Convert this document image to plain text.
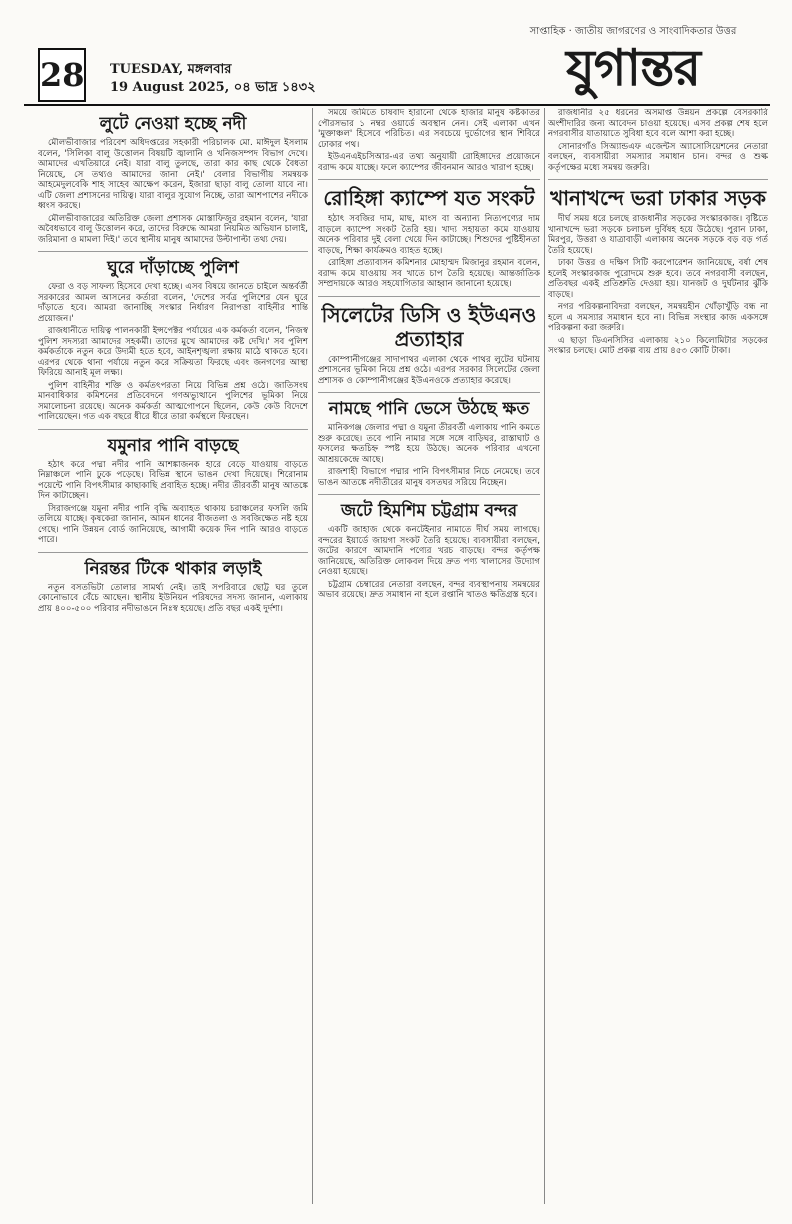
28 TUESDAY, মঙ্গলবার
19 August 2025, ০৪ ভাদ্র ১৪৩২
সাপ্তাহিক · জাতীয় জাগরণের ও সাংবাদিকতার উত্তর
যুগান্তর
লুটে নেওয়া হচ্ছে নদী

মৌলভীবাজার পরিবেশ অধিদপ্তরের সহকারী পরিচালক মো. মাঈদুল ইসলাম বলেন, 'সিলিকা বালু উত্তোলন বিষয়টি জ্বালানি ও খনিজসম্পদ বিভাগ দেখে। আমাদের এখতিয়ারে নেই। যারা বালু তুলছে, তারা কার কাছ থেকে বৈধতা নিয়েছে, সে তথ্যও আমাদের জানা নেই।' বেলার বিভাগীয় সমন্বয়ক আহমেদুলবেকি শাহ সাহেব আক্ষেপ করেন, ইজারা ছাড়া বালু তোলা যাবে না। এটি জেলা প্রশাসনের দায়িত্ব। যারা বালুর সুযোগ নিচ্ছে, তারা আশপাশের নদীকে ধ্বংস করছে।

মৌলভীবাজারের অতিরিক্ত জেলা প্রশাসক মোস্তাফিজুর রহমান বলেন, 'যারা অবৈধভাবে বালু উত্তোলন করে, তাদের বিরুদ্ধে আমরা নিয়মিত অভিযান চালাই, জরিমানা ও মামলা দিই।' তবে স্থানীয় মানুষ আমাদের উল্টাপাল্টা তথ্য দেয়।

ঘুরে দাঁড়াচ্ছে পুলিশ

ফেরা ও বড় সাফল্য হিসেবে দেখা হচ্ছে। এসব বিষয়ে জানতে চাইলে অন্তর্বর্তী সরকারের আমল আসনের কর্তারা বলেন, 'দেশের সর্বত্র পুলিশের যেন ঘুরে দাঁড়াতে হবে। আমরা জানাচ্ছি সংস্কার নির্ধারণ নিরাপত্তা বাহিনীর শান্তি প্রয়োজন।'

রাজধানীতে দায়িত্ব পালনকারী ইন্সপেক্টর পর্যায়ের এক কর্মকর্তা বলেন, 'নিজস্ব পুলিশ সদস্যরা আমাদের সহকর্মী। তাদের মুখে আমাদের কষ্ট দেখি।' সব পুলিশ কর্মকর্তাকে নতুন করে উদ্যমী হতে হবে, আইনশৃঙ্খলা রক্ষায় মাঠে থাকতে হবে। এরপর থেকে থানা পর্যায়ে নতুন করে সক্রিয়তা ফিরছে এবং জনগণের আস্থা ফিরিয়ে আনাই মূল লক্ষ্য।

পুলিশ বাহিনীর শক্তি ও কর্মতৎপরতা নিয়ে বিভিন্ন প্রশ্ন ওঠে। জাতিসংঘ মানবাধিকার কমিশনের প্রতিবেদনে গণঅভ্যুত্থানে পুলিশের ভূমিকা নিয়ে সমালোচনা রয়েছে। অনেক কর্মকর্তা আত্মগোপনে ছিলেন, কেউ কেউ বিদেশে পালিয়েছেন। গত এক বছরে ধীরে ধীরে তারা কর্মস্থলে ফিরছেন।

যমুনার পানি বাড়ছে

হঠাৎ করে পদ্মা নদীর পানি আশঙ্কাজনক হারে বেড়ে যাওয়ায় বাড়তে নিম্নাঞ্চলে পানি ঢুকে পড়েছে। বিভিন্ন স্থানে ভাঙন দেখা দিয়েছে। শিরোনাম পয়েন্টে পানি বিপৎসীমার কাছাকাছি প্রবাহিত হচ্ছে। নদীর তীরবর্তী মানুষ আতঙ্কে দিন কাটাচ্ছেন।

সিরাজগঞ্জে যমুনা নদীর পানি বৃদ্ধি অব্যাহত থাকায় চরাঞ্চলের ফসলি জমি তলিয়ে যাচ্ছে। কৃষকেরা জানান, আমন ধানের বীজতলা ও সবজিক্ষেত নষ্ট হয়ে গেছে। পানি উন্নয়ন বোর্ড জানিয়েছে, আগামী কয়েক দিন পানি আরও বাড়তে পারে।

নিরন্তর টিকে থাকার লড়াই

নতুন বসতভিটা তোলার সামর্থ্য নেই। তাই সপরিবারে ছোট্ট ঘর তুলে কোনোভাবে বেঁচে আছেন। স্থানীয় ইউনিয়ন পরিষদের সদস্য জানান, এলাকায় প্রায় ৪০০-৫০০ পরিবার নদীভাঙনে নিঃস্ব হয়েছে। প্রতি বছর একই দুর্দশা।

সময়ে জমিতে চাষবাদ হারানো থেকে হাজার মানুষ কষ্টকাতর পৌরসভার ১ নম্বর ওয়ার্ডে অবস্থান নেন। সেই এলাকা এখন 'মুক্তাঞ্চল' হিসেবে পরিচিত। এর সবচেয়ে দুর্ভোগের স্থান শিবিরে ঢোকার পথ।

ইউএনএইচসিআর-এর তথ্য অনুযায়ী রোহিঙ্গাদের প্রয়োজনে বরাদ্দ কমে যাচ্ছে। ফলে ক্যাম্পের জীবনমান আরও খারাপ হচ্ছে।

রোহিঙ্গা ক্যাম্পে যত সংকট

হঠাৎ সবজির দাম, মাছ, মাংস বা অন্যান্য নিত্যপণ্যের দাম বাড়লে ক্যাম্পে সংকট তৈরি হয়। খাদ্য সহায়তা কমে যাওয়ায় অনেক পরিবার দুই বেলা খেয়ে দিন কাটাচ্ছে। শিশুদের পুষ্টিহীনতা বাড়ছে, শিক্ষা কার্যক্রমও ব্যাহত হচ্ছে।

রোহিঙ্গা প্রত্যাবাসন কমিশনার মোহাম্মদ মিজানুর রহমান বলেন, বরাদ্দ কমে যাওয়ায় সব খাতে চাপ তৈরি হয়েছে। আন্তর্জাতিক সম্প্রদায়কে আরও সহযোগিতার আহ্বান জানানো হয়েছে।

সিলেটের ডিসি ও ইউএনও প্রত্যাহার

কোম্পানীগঞ্জের সাদাপাথর এলাকা থেকে পাথর লুটের ঘটনায় প্রশাসনের ভূমিকা নিয়ে প্রশ্ন ওঠে। এরপর সরকার সিলেটের জেলা প্রশাসক ও কোম্পানীগঞ্জের ইউএনওকে প্রত্যাহার করেছে।

নামছে পানি ভেসে উঠছে ক্ষত

মানিকগঞ্জ জেলার পদ্মা ও যমুনা তীরবর্তী এলাকায় পানি কমতে শুরু করেছে। তবে পানি নামার সঙ্গে সঙ্গে বাড়িঘর, রাস্তাঘাট ও ফসলের ক্ষতচিহ্ন স্পষ্ট হয়ে উঠছে। অনেক পরিবার এখনো আশ্রয়কেন্দ্রে আছে।

রাজশাহী বিভাগে পদ্মার পানি বিপৎসীমার নিচে নেমেছে। তবে ভাঙন আতঙ্কে নদীতীরের মানুষ বসতঘর সরিয়ে নিচ্ছেন।

জটে হিমশিম চট্টগ্রাম বন্দর

একটি জাহাজ থেকে কনটেইনার নামাতে দীর্ঘ সময় লাগছে। বন্দরের ইয়ার্ডে জায়গা সংকট তৈরি হয়েছে। ব্যবসায়ীরা বলছেন, জটের কারণে আমদানি পণ্যের খরচ বাড়ছে। বন্দর কর্তৃপক্ষ জানিয়েছে, অতিরিক্ত লোকবল দিয়ে দ্রুত পণ্য খালাসের উদ্যোগ নেওয়া হয়েছে।

চট্টগ্রাম চেম্বারের নেতারা বলছেন, বন্দর ব্যবস্থাপনায় সমন্বয়ের অভাব রয়েছে। দ্রুত সমাধান না হলে রপ্তানি খাতও ক্ষতিগ্রস্ত হবে।

রাজধানীর ২৫ ধরনের অসমাপ্ত উন্নয়ন প্রকল্পে বেসরকারি অংশীদারির জন্য আবেদন চাওয়া হয়েছে। এসব প্রকল্প শেষ হলে নগরবাসীর যাতায়াতে সুবিধা হবে বলে আশা করা হচ্ছে।

সোনারগাঁও সিঅ্যান্ডএফ এজেন্টস অ্যাসোসিয়েশনের নেতারা বলছেন, ব্যবসায়ীরা সমস্যার সমাধান চান। বন্দর ও শুল্ক কর্তৃপক্ষের মধ্যে সমন্বয় জরুরি।

খানাখন্দে ভরা ঢাকার সড়ক

দীর্ঘ সময় ধরে চলছে রাজধানীর সড়কের সংস্কারকাজ। বৃষ্টিতে খানাখন্দে ভরা সড়কে চলাচল দুর্বিষহ হয়ে উঠেছে। পুরান ঢাকা, মিরপুর, উত্তরা ও যাত্রাবাড়ী এলাকায় অনেক সড়কে বড় বড় গর্ত তৈরি হয়েছে।

ঢাকা উত্তর ও দক্ষিণ সিটি করপোরেশন জানিয়েছে, বর্ষা শেষ হলেই সংস্কারকাজ পুরোদমে শুরু হবে। তবে নগরবাসী বলছেন, প্রতিবছর একই প্রতিশ্রুতি দেওয়া হয়। যানজট ও দুর্ঘটনার ঝুঁকি বাড়ছে।

নগর পরিকল্পনাবিদরা বলছেন, সমন্বয়হীন খোঁড়াখুঁড়ি বন্ধ না হলে এ সমস্যার সমাধান হবে না। বিভিন্ন সংস্থার কাজ একসঙ্গে পরিকল্পনা করা জরুরি।

এ ছাড়া ডিএনসিসির এলাকায় ২১০ কিলোমিটার সড়কের সংস্কার চলছে। মোট প্রকল্প ব্যয় প্রায় ৪৫৩ কোটি টাকা।
